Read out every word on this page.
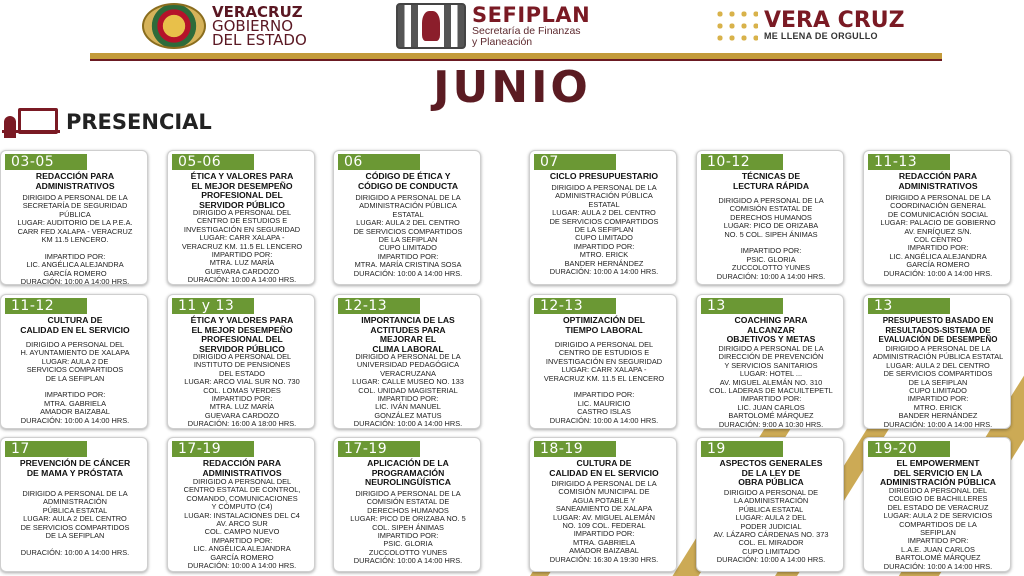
VERACRUZ
GOBIERNO
DEL ESTADO
SEFIPLAN
Secretaría de Finanzas
y Planeación
VERA CRUZ
ME LLENA DE ORGULLO
JUNIO
PRESENCIAL
03-05
REDACCIÓN PARA
ADMINISTRATIVOS
DIRIGIDO A PERSONAL DE LA
SECRETARÍA DE SEGURIDAD
PÚBLICA
LUGAR: AUDITORIO DE LA P.E.A.
CARR FED XALAPA - VERACRUZ
KM 11.5 LENCERO.

IMPARTIDO POR:
LIC. ANGÉLICA ALEJANDRA
GARCÍA ROMERO
DURACIÓN: 10:00 A 14:00 HRS.
05-06
ÉTICA Y VALORES PARA
EL MEJOR DESEMPEÑO
PROFESIONAL DEL
SERVIDOR PÚBLICO
DIRIGIDO A PERSONAL DEL
CENTRO DE ESTUDIOS E
INVESTIGACIÓN EN SEGURIDAD
LUGAR: CARR XALAPA -
VERACRUZ KM. 11.5 EL LENCERO
IMPARTIDO POR:
MTRA. LUZ MARÍA
GUEVARA CARDOZO
DURACIÓN: 10:00 A 14:00 HRS.
06
CÓDIGO DE ÉTICA Y
CÓDIGO DE CONDUCTA
DIRIGIDO A PERSONAL DE LA
ADMINISTRACIÓN PÚBLICA
ESTATAL
LUGAR: AULA 2 DEL CENTRO
DE SERVICIOS COMPARTIDOS
DE LA SEFIPLAN
CUPO LIMITADO
IMPARTIDO POR:
MTRA. MARÍA CRISTINA SOSA
DURACIÓN: 10:00 A 14:00 HRS.
07
CICLO PRESUPUESTARIO
DIRIGIDO A PERSONAL DE LA
ADMINISTRACIÓN PÚBLICA
ESTATAL
LUGAR: AULA 2 DEL CENTRO
DE SERVICIOS COMPARTIDOS
DE LA SEFIPLAN
CUPO LIMITADO
IMPARTIDO POR:
MTRO. ERICK
BANDER HERNÁNDEZ
DURACIÓN: 10:00 A 14:00 HRS.
10-12
TÉCNICAS DE
LECTURA RÁPIDA
DIRIGIDO A PERSONAL DE LA
COMISIÓN ESTATAL DE
DERECHOS HUMANOS
LUGAR: PICO DE ORIZABA
NO. 5 COL. SIPEH ÁNIMAS

IMPARTIDO POR:
PSIC. GLORIA
ZUCCOLOTTO YUNES
DURACIÓN: 10:00 A 14:00 HRS.
11-13
REDACCIÓN PARA
ADMINISTRATIVOS
DIRIGIDO A PERSONAL DE LA
COORDINACIÓN GENERAL
DE COMUNICACIÓN SOCIAL
LUGAR: PALACIO DE GOBIERNO
AV. ENRÍQUEZ S/N.
COL CENTRO
IMPARTIDO POR:
LIC. ANGÉLICA ALEJANDRA
GARCÍA ROMERO
DURACIÓN: 10:00 A 14:00 HRS.
11-12
CULTURA DE
CALIDAD EN EL SERVICIO
DIRIGIDO A PERSONAL DEL
H. AYUNTAMIENTO DE XALAPA
LUGAR: AULA 2 DE
SERVICIOS COMPARTIDOS
DE LA SEFIPLAN

IMPARTIDO POR:
MTRA. GABRIELA
AMADOR BAIZABAL
DURACIÓN: 10:00 A 14:00 HRS.
11 y 13
ÉTICA Y VALORES PARA
EL MEJOR DESEMPEÑO
PROFESIONAL DEL
SERVIDOR PÚBLICO
DIRIGIDO A PERSONAL DEL
INSTITUTO DE PENSIONES
DEL ESTADO
LUGAR: ARCO VIAL SUR NO. 730
COL. LOMAS VERDES
IMPARTIDO POR:
MTRA. LUZ MARÍA
GUEVARA CARDOZO
DURACIÓN: 16:00 A 18:00 HRS.
12-13
IMPORTANCIA DE LAS
ACTITUDES PARA
MEJORAR EL
CLIMA LABORAL
DIRIGIDO A PERSONAL DE LA
UNIVERSIDAD PEDAGÓGICA
VERACRUZANA
LUGAR: CALLE MUSEO NO. 133
COL. UNIDAD MAGISTERIAL
IMPARTIDO POR:
LIC. IVÁN MANUEL
GONZÁLEZ MATUS
DURACIÓN: 10:00 A 14:00 HRS.
12-13
OPTIMIZACIÓN DEL
TIEMPO LABORAL
DIRIGIDO A PERSONAL DEL
CENTRO DE ESTUDIOS E
INVESTIGACIÓN EN SEGURIDAD
LUGAR: CARR XALAPA -
VERACRUZ KM. 11.5 EL LENCERO

IMPARTIDO POR:
LIC. MAURICIO
CASTRO ISLAS
DURACIÓN: 10:00 A 14:00 HRS.
13
COACHING PARA
ALCANZAR
OBJETIVOS Y METAS
DIRIGIDO A PERSONAL DE LA
DIRECCIÓN DE PREVENCIÓN
Y SERVICIOS SANITARIOS
LUGAR: HOTEL ...
AV. MIGUEL ALEMÁN NO. 310
COL. LADERAS DE MACUILTEPETL
IMPARTIDO POR:
LIC. JUAN CARLOS
BARTOLOMÉ MÁRQUEZ
DURACIÓN: 9:00 A 10:30 HRS.
13
PRESUPUESTO BASADO EN
RESULTADOS-SISTEMA DE
EVALUACIÓN DE DESEMPEÑO
DIRIGIDO A PERSONAL DE LA
ADMINISTRACIÓN PÚBLICA ESTATAL
LUGAR: AULA 2 DEL CENTRO
DE SERVICIOS COMPARTIDOS
DE LA SEFIPLAN
CUPO LIMITADO
IMPARTIDO POR:
MTRO. ERICK
BANDER HERNÁNDEZ
DURACIÓN: 10:00 A 14:00 HRS.
17
PREVENCIÓN DE CÁNCER
DE MAMA Y PRÓSTATA
DIRIGIDO A PERSONAL DE LA
ADMINISTRACIÓN
PÚBLICA ESTATAL
LUGAR: AULA 2 DEL CENTRO
DE SERVICIOS COMPARTIDOS
DE LA SEFIPLAN

DURACIÓN: 10:00 A 14:00 HRS.
17-19
REDACCIÓN PARA
ADMINISTRATIVOS
DIRIGIDO A PERSONAL DEL
CENTRO ESTATAL DE CONTROL,
COMANDO, COMUNICACIONES
Y CÓMPUTO (C4)
LUGAR: INSTALACIONES DEL C4
AV. ARCO SUR
COL. CAMPO NUEVO
IMPARTIDO POR:
LIC. ANGÉLICA ALEJANDRA
GARCÍA ROMERO
DURACIÓN: 10:00 A 14:00 HRS.
17-19
APLICACIÓN DE LA
PROGRAMACIÓN
NEUROLINGÜÍSTICA
DIRIGIDO A PERSONAL DE LA
COMISIÓN ESTATAL DE
DERECHOS HUMANOS
LUGAR: PICO DE ORIZABA NO. 5
COL. SIPEH ÁNIMAS
IMPARTIDO POR:
PSIC. GLORIA
ZUCCOLOTTO YUNES
DURACIÓN: 10:00 A 14:00 HRS.
18-19
CULTURA DE
CALIDAD EN EL SERVICIO
DIRIGIDO A PERSONAL DE LA
COMISIÓN MUNICIPAL DE
AGUA POTABLE Y
SANEAMIENTO DE XALAPA
LUGAR: AV. MIGUEL ALEMÁN
NO. 109 COL. FEDERAL
IMPARTIDO POR:
MTRA. GABRIELA
AMADOR BAIZABAL
DURACIÓN: 16:30 A 19:30 HRS.
19
ASPECTOS GENERALES
DE LA LEY DE
OBRA PÚBLICA
DIRIGIDO A PERSONAL DE
LA ADMINISTRACIÓN
PÚBLICA ESTATAL
LUGAR: AULA 2 DEL
PODER JUDICIAL
AV. LÁZARO CÁRDENAS NO. 373
COL. EL MIRADOR
CUPO LIMITADO
DURACIÓN: 10:00 A 14:00 HRS.
19-20
EL EMPOWERMENT
DEL SERVICIO EN LA
ADMINISTRACIÓN PÚBLICA
DIRIGIDO A PERSONAL DEL
COLEGIO DE BACHILLERES
DEL ESTADO DE VERACRUZ
LUGAR: AULA 2 DE SERVICIOS
COMPARTIDOS DE LA
SEFIPLAN
IMPARTIDO POR:
L.A.E. JUAN CARLOS
BARTOLOMÉ MÁRQUEZ
DURACIÓN: 10:00 A 14:00 HRS.
